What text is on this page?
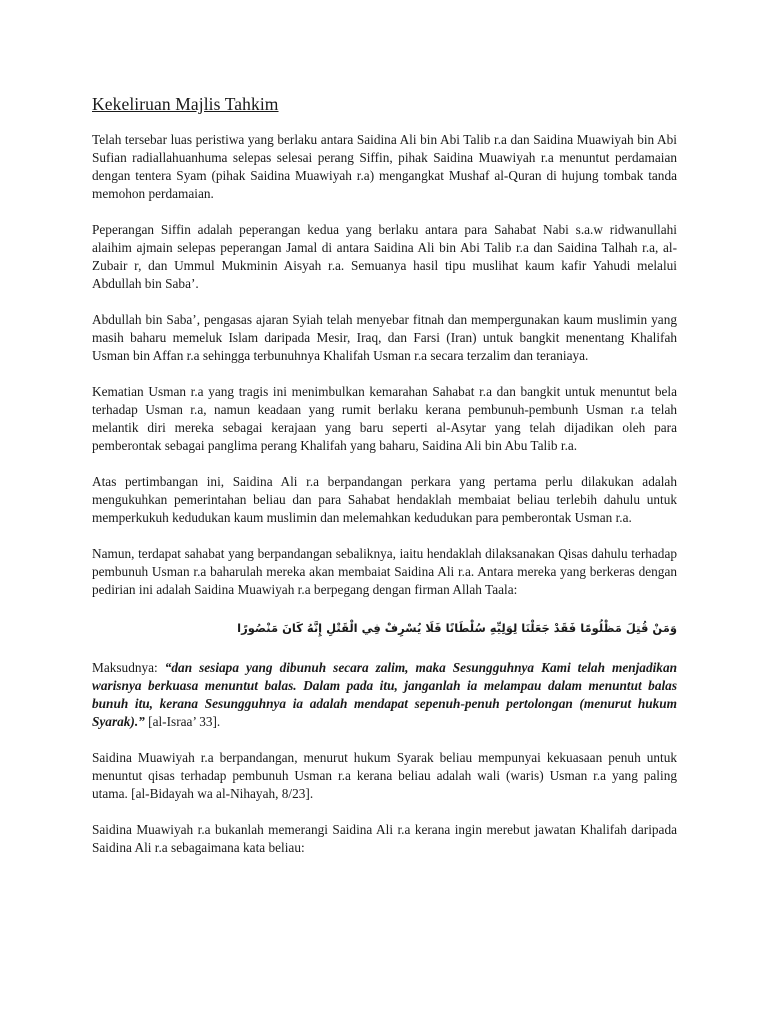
Kekeliruan Majlis Tahkim

Telah tersebar luas peristiwa yang berlaku antara Saidina Ali bin Abi Talib r.a dan Saidina Muawiyah bin Abi Sufian radiallahuanhuma selepas selesai perang Siffin, pihak Saidina Muawiyah r.a menuntut perdamaian dengan tentera Syam (pihak Saidina Muawiyah r.a) mengangkat Mushaf al-Quran di hujung tombak tanda memohon perdamaian.

Peperangan Siffin adalah peperangan kedua yang berlaku antara para Sahabat Nabi s.a.w ridwanullahi alaihim ajmain selepas peperangan Jamal di antara Saidina Ali bin Abi Talib r.a dan Saidina Talhah r.a, al-Zubair r, dan Ummul Mukminin Aisyah r.a. Semuanya hasil tipu muslihat kaum kafir Yahudi melalui Abdullah bin Saba’.

Abdullah bin Saba’, pengasas ajaran Syiah telah menyebar fitnah dan mempergunakan kaum muslimin yang masih baharu memeluk Islam daripada Mesir, Iraq, dan Farsi (Iran) untuk bangkit menentang Khalifah Usman bin Affan r.a sehingga terbunuhnya Khalifah Usman r.a secara terzalim dan teraniaya.

Kematian Usman r.a yang tragis ini menimbulkan kemarahan Sahabat r.a dan bangkit untuk menuntut bela terhadap Usman r.a, namun keadaan yang rumit berlaku kerana pembunuh-pembunh Usman r.a telah melantik diri mereka sebagai kerajaan yang baru seperti al-Asytar yang telah dijadikan oleh para pemberontak sebagai panglima perang Khalifah yang baharu, Saidina Ali bin Abu Talib r.a.

Atas pertimbangan ini, Saidina Ali r.a berpandangan perkara yang pertama perlu dilakukan adalah mengukuhkan pemerintahan beliau dan para Sahabat hendaklah membaiat beliau terlebih dahulu untuk memperkukuh kedudukan kaum muslimin dan melemahkan kedudukan para pemberontak Usman r.a.

Namun, terdapat sahabat yang berpandangan sebaliknya, iaitu hendaklah dilaksanakan Qisas dahulu terhadap pembunuh Usman r.a baharulah mereka akan membaiat Saidina Ali r.a. Antara mereka yang berkeras dengan pedirian ini adalah Saidina Muawiyah r.a berpegang dengan firman Allah Taala:

وَمَنْ قُتِلَ مَظْلُومًا فَقَدْ جَعَلْنَا لِوَلِيِّهِ سُلْطَانًا فَلَا يُسْرِفْ فِي الْقَتْلِ إِنَّهُ كَانَ مَنْصُورًا

Maksudnya: “dan sesiapa yang dibunuh secara zalim, maka Sesungguhnya Kami telah menjadikan warisnya berkuasa menuntut balas. Dalam pada itu, janganlah ia melampau dalam menuntut balas bunuh itu, kerana Sesungguhnya ia adalah mendapat sepenuh-penuh pertolongan (menurut hukum Syarak).” [al-Israa’ 33].

Saidina Muawiyah r.a berpandangan, menurut hukum Syarak beliau mempunyai kekuasaan penuh untuk menuntut qisas terhadap pembunuh Usman r.a kerana beliau adalah wali (waris) Usman r.a yang paling utama. [al-Bidayah wa al-Nihayah, 8/23].

Saidina Muawiyah r.a bukanlah memerangi Saidina Ali r.a kerana ingin merebut jawatan Khalifah daripada Saidina Ali r.a sebagaimana kata beliau:
